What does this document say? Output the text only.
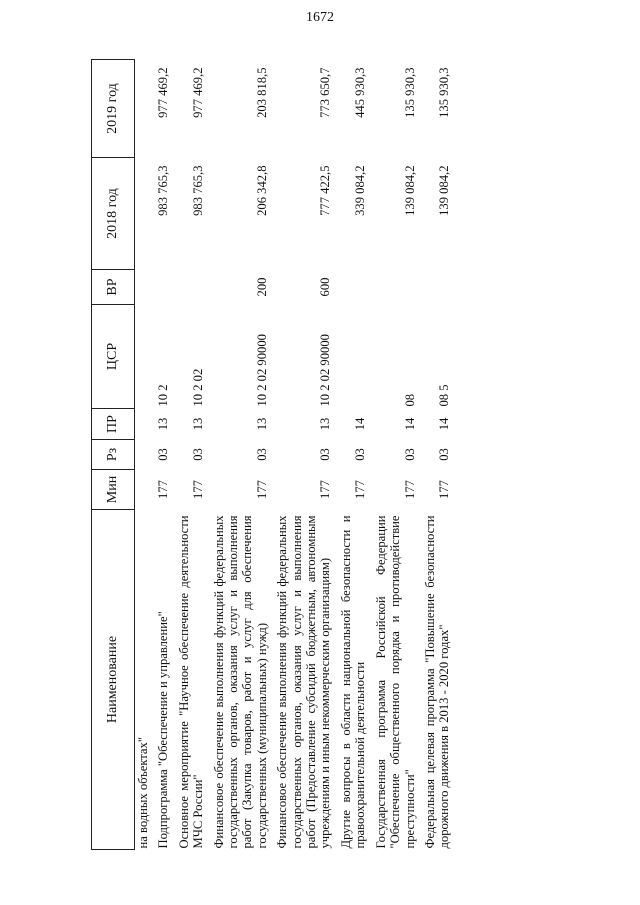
1672
Наименование	Мин	Рз	ПР	ЦСР	ВР	2018 год	2019 год
на водных объектах"							
Подпрограмма "Обеспечение и управление"	177	03	13	10 2		983 765,3	977 469,2
Основное мероприятие "Научное обеспечение деятельности МЧС России"	177	03	13	10 2 02		983 765,3	977 469,2
Финансовое обеспечение выполнения функций федеральных государственных органов, оказания услуг и выполнения работ (Закупка товаров, работ и услуг для обеспечения государственных (муниципальных) нужд)	177	03	13	10 2 02 90000	200	206 342,8	203 818,5
Финансовое обеспечение выполнения функций федеральных государственных органов, оказания услуг и выполнения работ (Предоставление субсидий бюджетным, автономным учреждениям и иным некоммерческим организациям)	177	03	13	10 2 02 90000	600	777 422,5	773 650,7
Другие вопросы в области национальной безопасности и правоохранительной деятельности	177	03	14			339 084,2	445 930,3
Государственная программа Российской Федерации "Обеспечение общественного порядка и противодействие преступности"	177	03	14	08		139 084,2	135 930,3
Федеральная целевая программа "Повышение безопасности дорожного движения в 2013 - 2020 годах"	177	03	14	08 5		139 084,2	135 930,3
